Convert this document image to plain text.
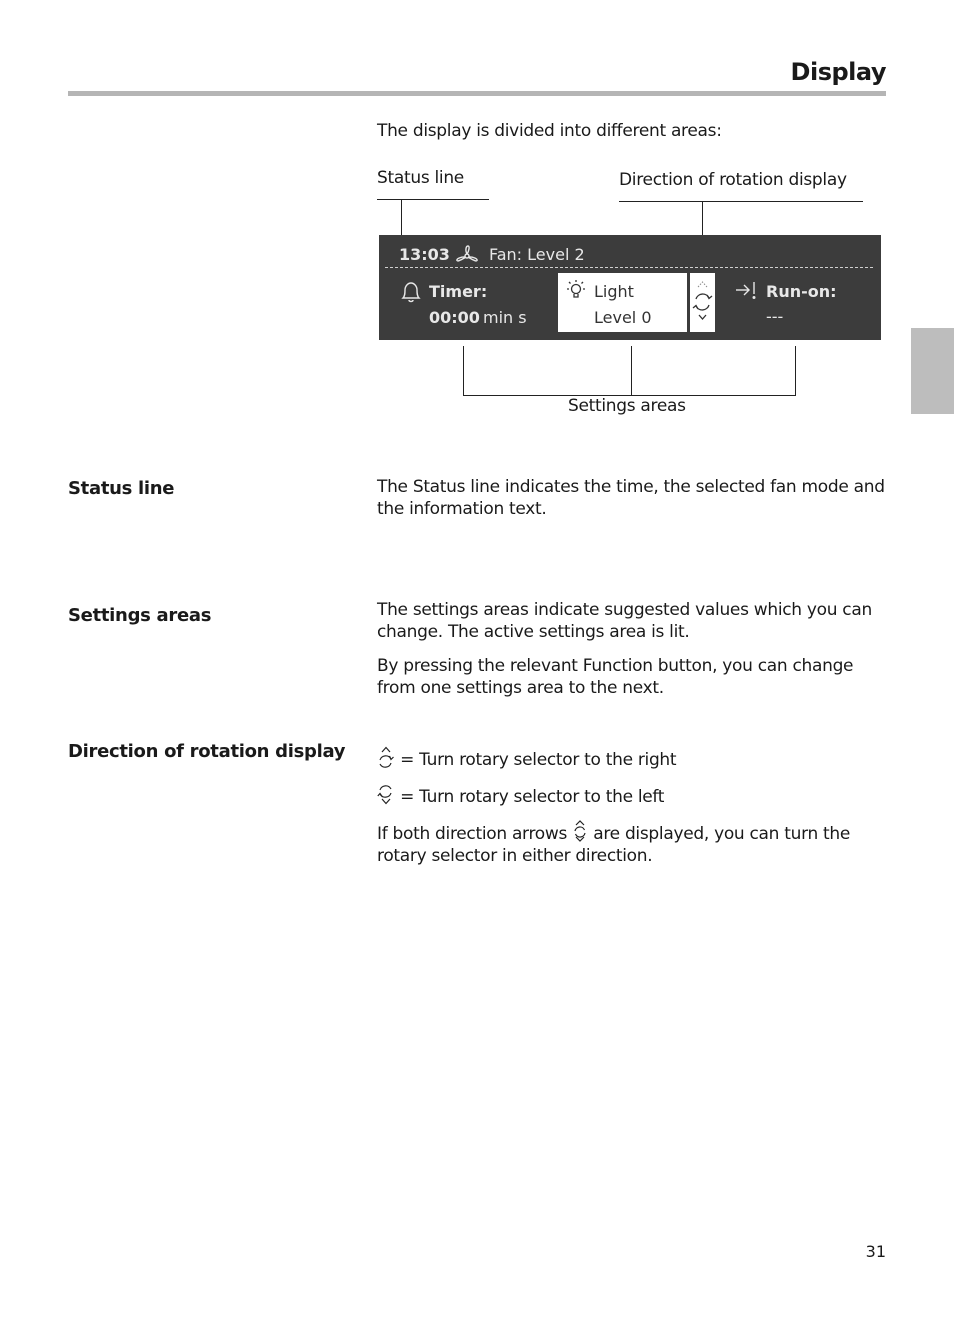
Display
The display is divided into different areas:
Status line	Direction of rotation display
13:03 Fan: Level 2
Timer:
00:00 min s
Light
Level 0
Run-on:
---
Settings areas
Status line	The Status line indicates the time, the selected fan mode and the information text.

Settings areas	The settings areas indicate suggested values which you can change. The active settings area is lit.

By pressing the relevant Function button, you can change from one settings area to the next.

Direction of rotation display	= Turn rotary selector to the right

= Turn rotary selector to the left

If both direction arrows are displayed, you can turn the rotary selector in either direction.

31
